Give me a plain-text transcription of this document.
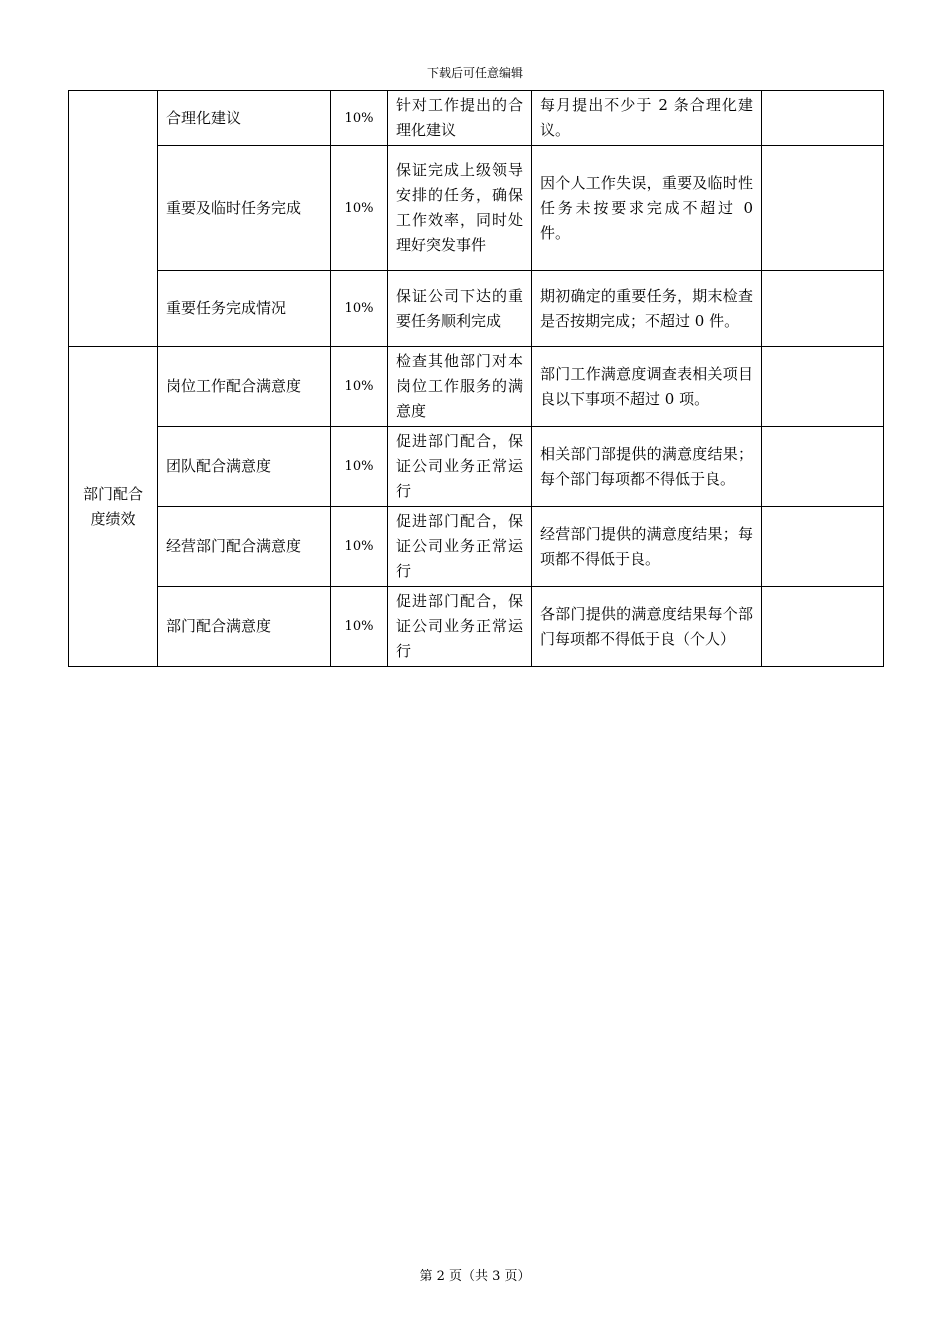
下载后可任意编辑
	合理化建议	10%	针对工作提出的合理化建议	每月提出不少于 2 条合理化建议。	
	重要及临时任务完成	10%	保证完成上级领导安排的任务，确保工作效率，同时处理好突发事件	因个人工作失误，重要及临时性任务未按要求完成不超过 0 件。	
	重要任务完成情况	10%	保证公司下达的重要任务顺利完成	期初确定的重要任务，期末检查是否按期完成；不超过 0 件。	
部门配合度绩效	岗位工作配合满意度	10%	检查其他部门对本岗位工作服务的满意度	部门工作满意度调查表相关项目良以下事项不超过 0 项。	
	团队配合满意度	10%	促进部门配合，保证公司业务正常运行	相关部门部提供的满意度结果；每个部门每项都不得低于良。	
	经营部门配合满意度	10%	促进部门配合，保证公司业务正常运行	经营部门提供的满意度结果；每项都不得低于良。	
	部门配合满意度	10%	促进部门配合，保证公司业务正常运行	各部门提供的满意度结果每个部门每项都不得低于良（个人）	
第 2 页（共 3 页）
